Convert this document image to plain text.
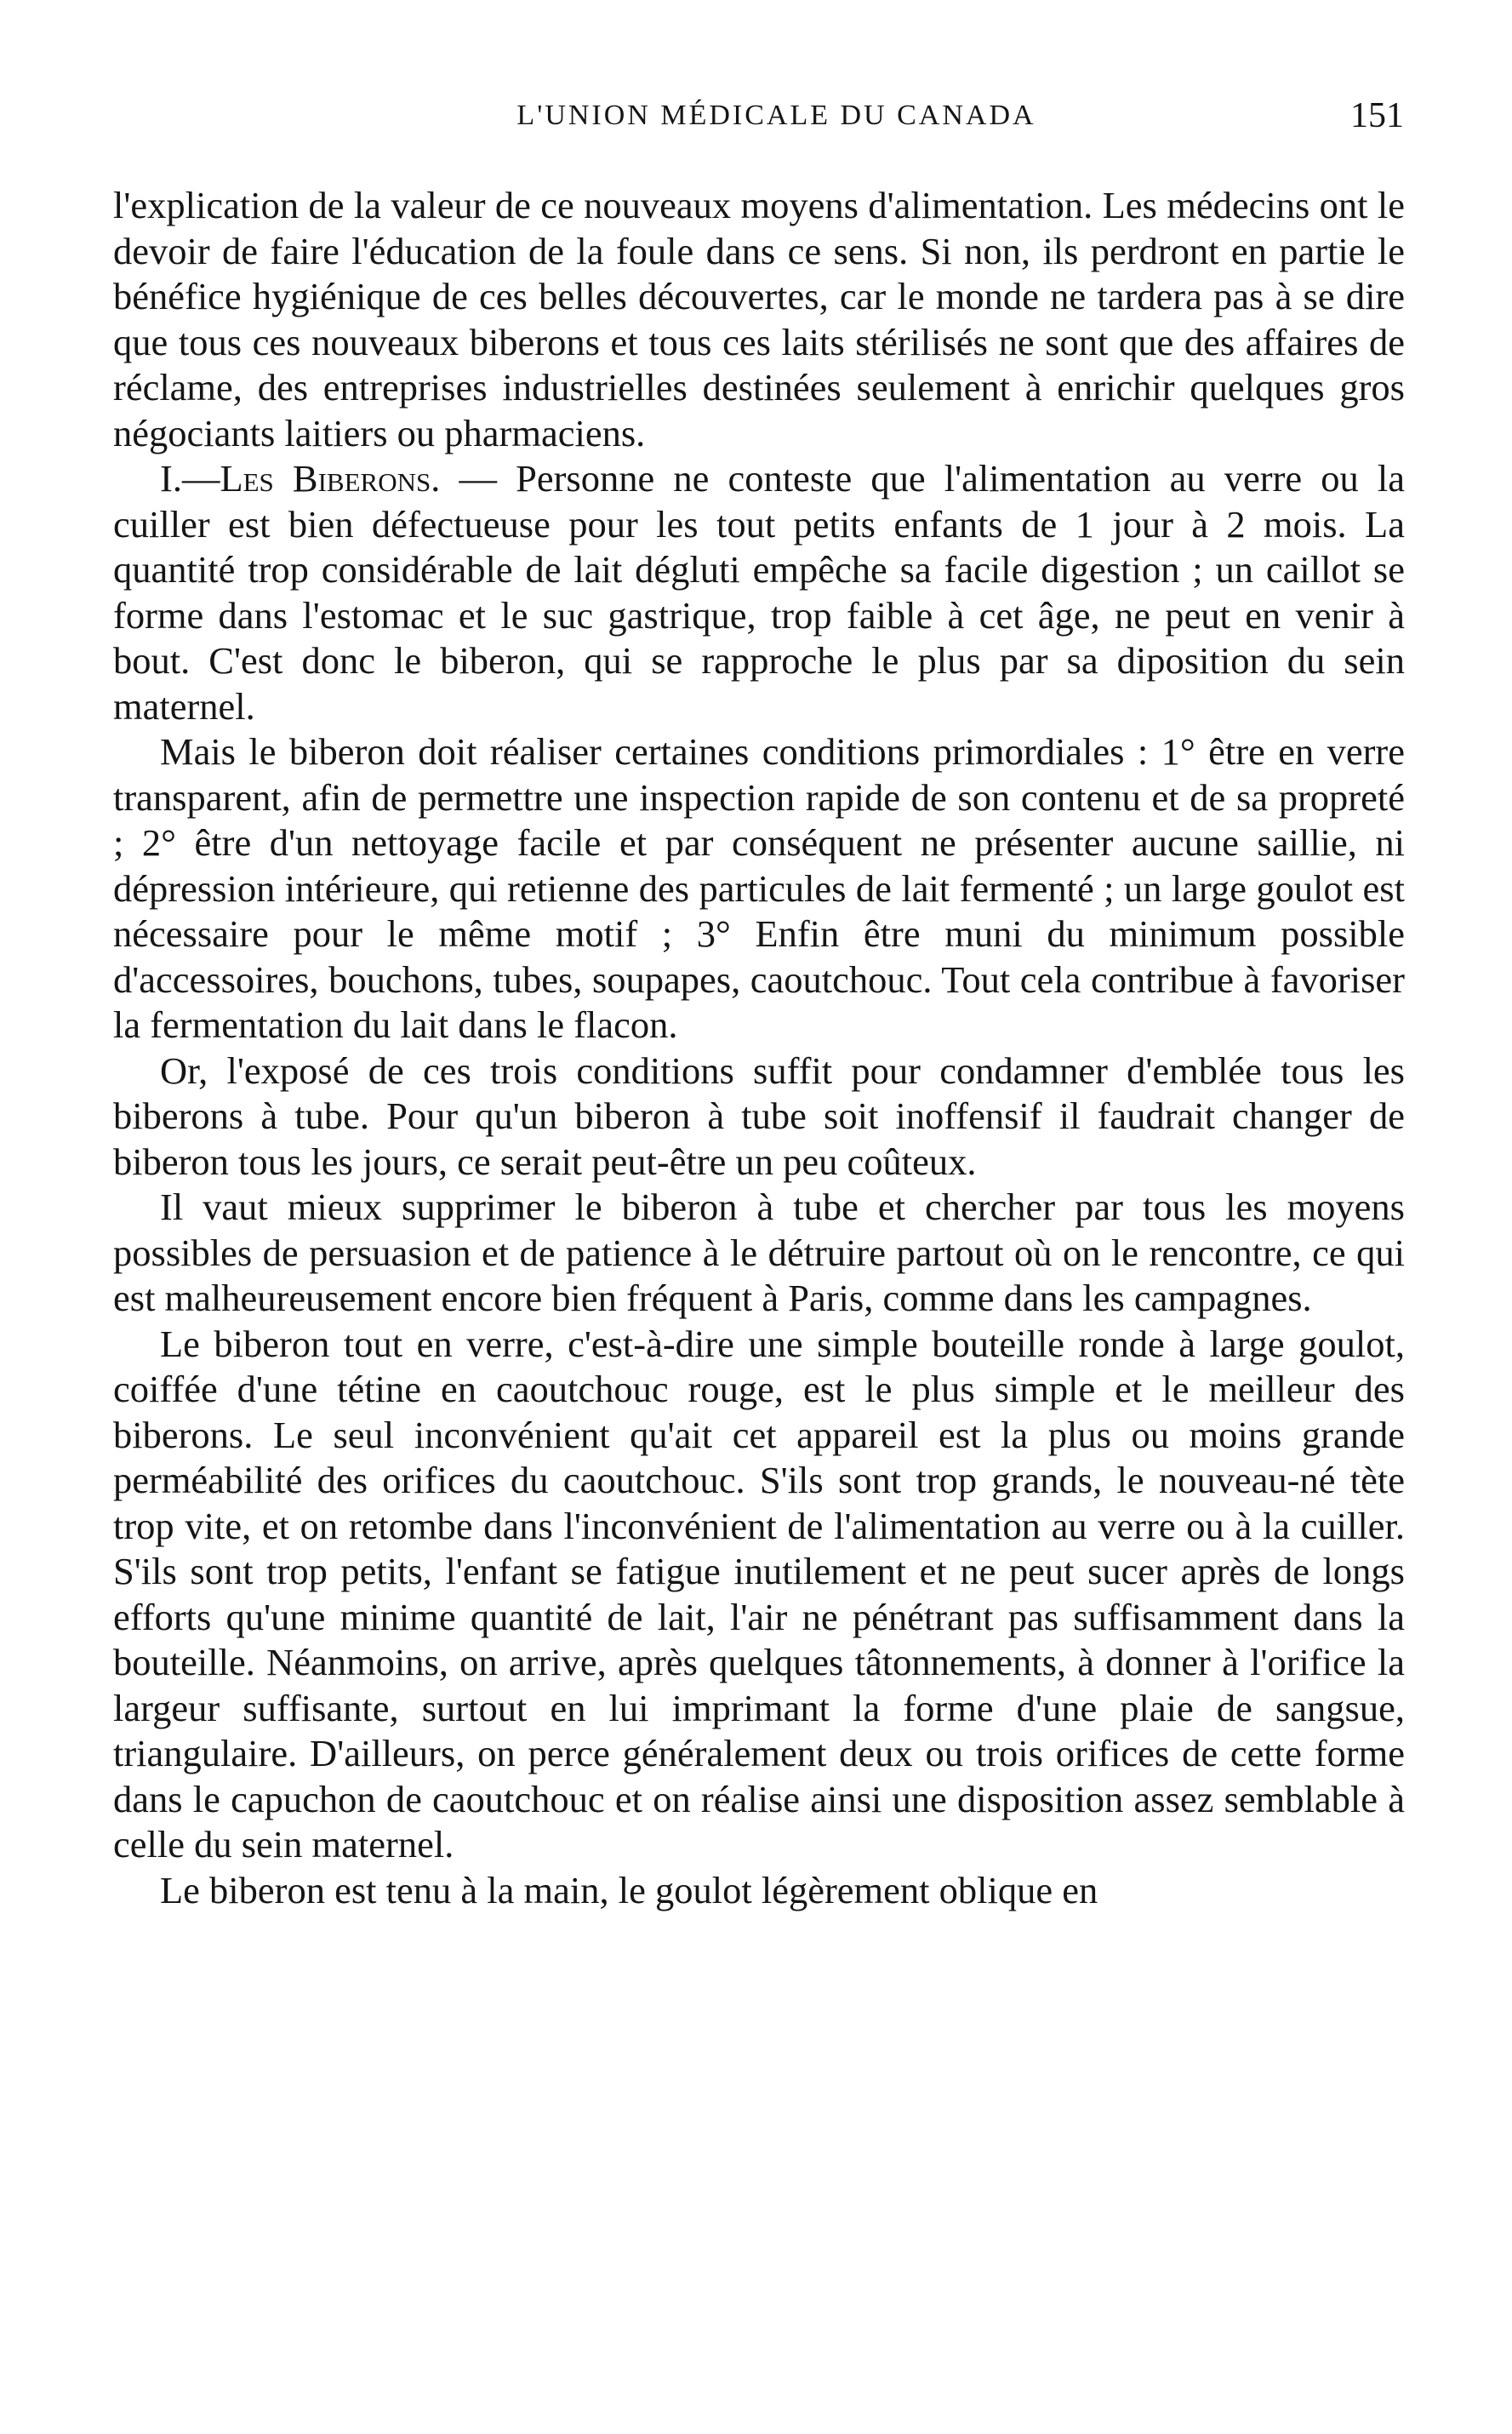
L'UNION MÉDICALE DU CANADA	151

l'explication de la valeur de ce nouveaux moyens d'alimentation. Les médecins ont le devoir de faire l'éducation de la foule dans ce sens. Si non, ils perdront en partie le bénéfice hygiénique de ces belles découvertes, car le monde ne tardera pas à se dire que tous ces nouveaux biberons et tous ces laits stérilisés ne sont que des affaires de réclame, des entreprises industrielles destinées seulement à enrichir quelques gros négociants laitiers ou pharmaciens.

I.—Les Biberons. — Personne ne conteste que l'alimentation au verre ou la cuiller est bien défectueuse pour les tout petits enfants de 1 jour à 2 mois. La quantité trop considérable de lait dégluti empêche sa facile digestion ; un caillot se forme dans l'estomac et le suc gastrique, trop faible à cet âge, ne peut en venir à bout. C'est donc le biberon, qui se rapproche le plus par sa diposition du sein maternel.

Mais le biberon doit réaliser certaines conditions primordiales : 1° être en verre transparent, afin de permettre une inspection rapide de son contenu et de sa propreté ; 2° être d'un nettoyage facile et par conséquent ne présenter aucune saillie, ni dépression intérieure, qui retienne des particules de lait fermenté ; un large goulot est nécessaire pour le même motif ; 3° Enfin être muni du minimum possible d'accessoires, bouchons, tubes, soupapes, caoutchouc. Tout cela contribue à favoriser la fermentation du lait dans le flacon.

Or, l'exposé de ces trois conditions suffit pour condamner d'emblée tous les biberons à tube. Pour qu'un biberon à tube soit inoffensif il faudrait changer de biberon tous les jours, ce serait peut-être un peu coûteux.

Il vaut mieux supprimer le biberon à tube et chercher par tous les moyens possibles de persuasion et de patience à le détruire partout où on le rencontre, ce qui est malheureusement encore bien fréquent à Paris, comme dans les campagnes.

Le biberon tout en verre, c'est-à-dire une simple bouteille ronde à large goulot, coiffée d'une tétine en caoutchouc rouge, est le plus simple et le meilleur des biberons. Le seul inconvénient qu'ait cet appareil est la plus ou moins grande perméabilité des orifices du caoutchouc. S'ils sont trop grands, le nouveau-né tète trop vite, et on retombe dans l'inconvénient de l'alimentation au verre ou à la cuiller. S'ils sont trop petits, l'enfant se fatigue inutilement et ne peut sucer après de longs efforts qu'une minime quantité de lait, l'air ne pénétrant pas suffisamment dans la bouteille. Néanmoins, on arrive, après quelques tâtonnements, à donner à l'orifice la largeur suffisante, surtout en lui imprimant la forme d'une plaie de sangsue, triangulaire. D'ailleurs, on perce généralement deux ou trois orifices de cette forme dans le capuchon de caoutchouc et on réalise ainsi une disposition assez semblable à celle du sein maternel.

Le biberon est tenu à la main, le goulot légèrement oblique en
